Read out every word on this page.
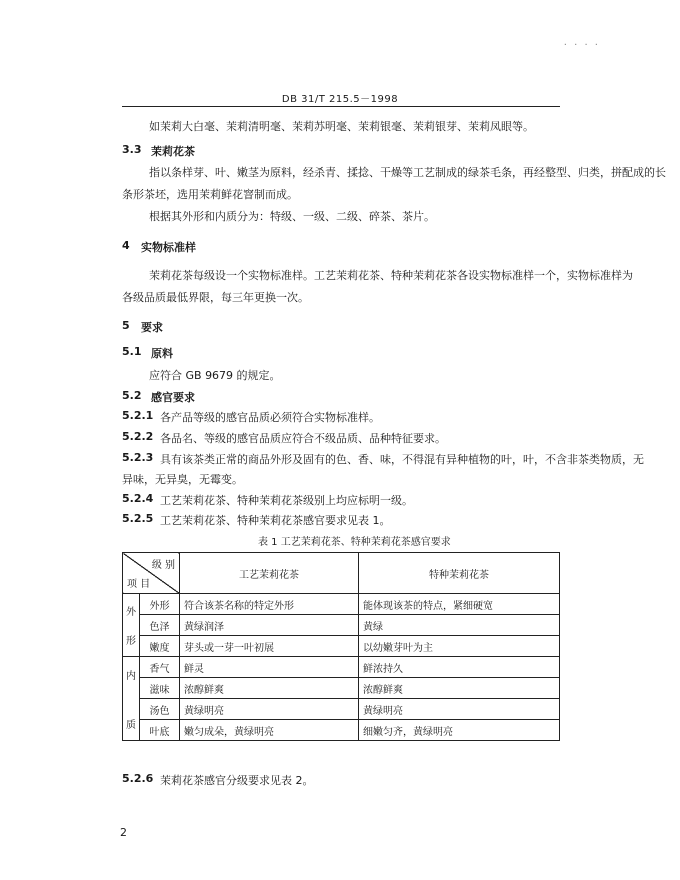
· · · ·
DB 31/T 215.5－1998
如茉莉大白毫、茉莉清明毫、茉莉苏明毫、茉莉银毫、茉莉银芽、茉莉凤眼等。
3.3 茉莉花茶
指以条样芽、叶、嫩茎为原料，经杀青、揉捻、干燥等工艺制成的绿茶毛条，再经整型、归类，拼配成的长
条形茶坯，选用茉莉鲜花窨制而成。
根据其外形和内质分为：特级、一级、二级、碎茶、茶片。
4 实物标准样
茉莉花茶每级设一个实物标准样。工艺茉莉花茶、特种茉莉花茶各设实物标准样一个，实物标准样为
各级品质最低界限，每三年更换一次。
5 要求
5.1 原料
应符合 GB 9679 的规定。
5.2 感官要求
5.2.1 各产品等级的感官品质必须符合实物标准样。
5.2.2 各品名、等级的感官品质应符合不级品质、品种特征要求。
5.2.3 具有该茶类正常的商品外形及固有的色、香、味，不得混有异种植物的叶，叶，不含非茶类物质，无
异味，无异臭，无霉变。
5.2.4 工艺茉莉花茶、特种茉莉花茶级别上均应标明一级。
5.2.5 工艺茉莉花茶、特种茉莉花茶感官要求见表 1。
表 1 工艺茉莉花茶、特种茉莉花茶感官要求
级 别
项 目		工艺茉莉花茶	特种茉莉花茶

外
形	外形	符合该茶名称的特定外形	能体现该茶的特点，紧细硬宽
	色泽	黄绿润泽	黄绿
	嫩度	芽头或一芽一叶初展	以幼嫩芽叶为主

内
质	香气	鲜灵	鲜浓持久
	滋味	浓醇鲜爽	浓醇鲜爽
	汤色	黄绿明亮	黄绿明亮
	叶底	嫩匀成朵，黄绿明亮	细嫩匀齐，黄绿明亮
5.2.6 茉莉花茶感官分级要求见表 2。
2
